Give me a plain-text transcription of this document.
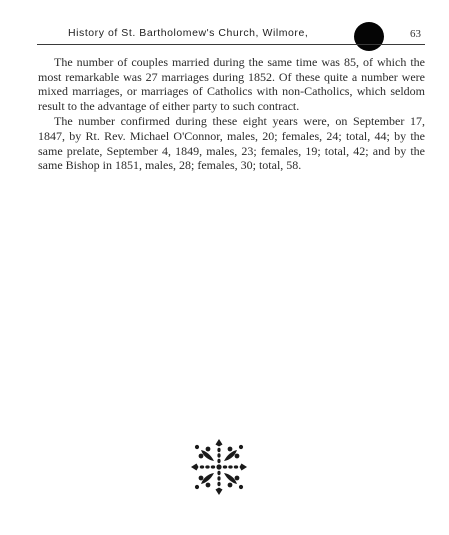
History of St. Bartholomew's Church, Wilmore,	63

The number of couples married during the same time was 85, of which the most remarkable was 27 marriages during 1852. Of these quite a number were mixed marriages, or marriages of Catholics with non-Catholics, which seldom result to the advantage of either party to such contract.

The number confirmed during these eight years were, on September 17, 1847, by Rt. Rev. Michael O'Connor, males, 20; females, 24; total, 44; by the same prelate, September 4, 1849, males, 23; females, 19; total, 42; and by the same Bishop in 1851, males, 28; females, 30; total, 58.
